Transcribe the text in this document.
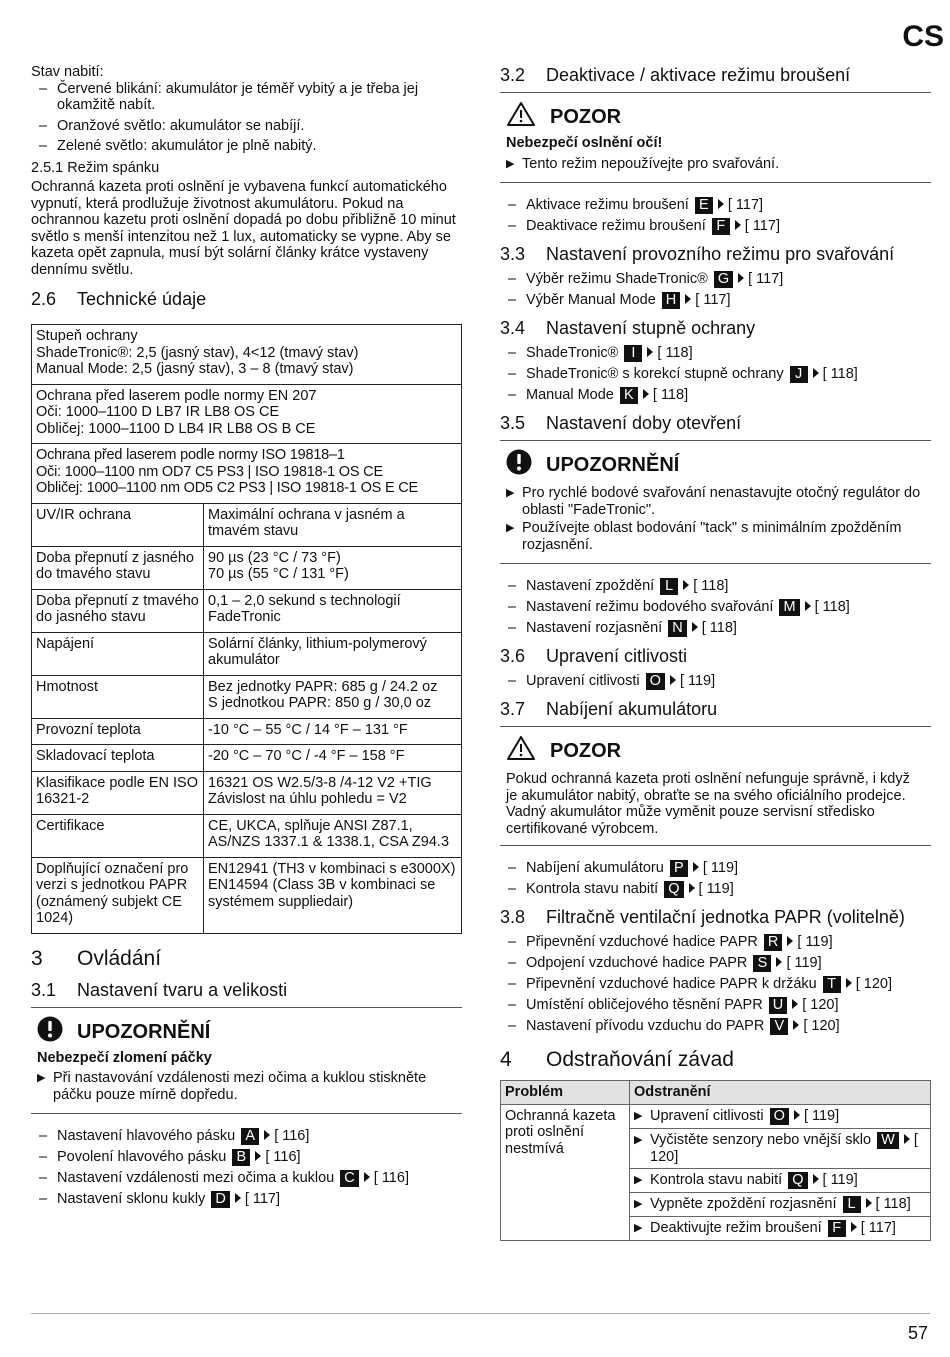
CS

Stav nabití:

– Červené blikání: akumulátor je téměř vybitý a je třeba jej okamžitě nabít.
– Oranžové světlo: akumulátor se nabíjí.
– Zelené světlo: akumulátor je plně nabitý.
2.5.1 Režim spánku

Ochranná kazeta proti oslnění je vybavena funkcí automatického vypnutí, která prodlužuje životnost akumulátoru. Pokud na ochrannou kazetu proti oslnění dopadá po dobu přibližně 10 minut světlo s menší intenzitou než 1 lux, automaticky se vypne. Aby se kazeta opět zapnula, musí být solární články krátce vystaveny dennímu světlu.

2.6 Technické údaje
Stupeň ochrany
ShadeTronic®: 2,5 (jasný stav), 4<12 (tmavý stav)
Manual Mode: 2,5 (jasný stav), 3 – 8 (tmavý stav)	

Ochrana před laserem podle normy EN 207
Oči: 1000–1100 D LB7 IR LB8 OS CE
Obličej: 1000–1100 D LB4 IR LB8 OS B CE	

Ochrana před laserem podle normy ISO 19818–1
Oči: 1000–1100 nm OD7 C5 PS3 | ISO 19818-1 OS CE
Obličej: 1000–1100 nm OD5 C2 PS3 | ISO 19818-1 OS E CE	

UV/IR ochrana	Maximální ochrana v jasném a tmavém stavu
Doba přepnutí z jasného do tmavého stavu	90 µs (23 °C / 73 °F)
70 µs (55 °C / 131 °F)

Doba přepnutí z tmavého do jasného stavu	0,1 – 2,0 sekund s technologií FadeTronic
Napájení	Solární články, lithium-polymerový akumulátor
Hmotnost	Bez jednotky PAPR: 685 g / 24.2 oz
S jednotkou PAPR: 850 g / 30,0 oz

Provozní teplota	-10 °C – 55 °C / 14 °F – 131 °F
Skladovací teplota	-20 °C – 70 °C / -4 °F – 158 °F
Klasifikace podle EN ISO 16321-2	16321 OS W2.5/3-8 /4-12 V2 +TIG
Závislost na úhlu pohledu = V2

Certifikace	CE, UKCA, splňuje ANSI Z87.1, AS/NZS 1337.1 & 1338.1, CSA Z94.3
Doplňující označení pro verzi s jednotkou PAPR (oznámený subjekt CE 1024)	EN12941 (TH3 v kombinaci s e3000X)
EN14594 (Class 3B v kombinaci se systémem suppliedair)
3 Ovládání
3.1 Nastavení tvaru a velikosti
UPOZORNĚNÍ
Nebezpečí zlomení páčky
▶ Při nastavování vzdálenosti mezi očima a kuklou stiskněte páčku pouze mírně dopředu.
– Nastavení hlavového pásku A [ 116]
– Povolení hlavového pásku B [ 116]
– Nastavení vzdálenosti mezi očima a kuklou C [ 116]
– Nastavení sklonu kukly D [ 117]
3.2 Deaktivace / aktivace režimu broušení
POZOR
Nebezpečí oslnění očí!
▶ Tento režim nepoužívejte pro svařování.
– Aktivace režimu broušení E [ 117]
– Deaktivace režimu broušení F [ 117]
3.3 Nastavení provozního režimu pro svařování
– Výběr režimu ShadeTronic® G [ 117]
– Výběr Manual Mode H [ 117]
3.4 Nastavení stupně ochrany
– ShadeTronic® I [ 118]
– ShadeTronic® s korekcí stupně ochrany J [ 118]
– Manual Mode K [ 118]
3.5 Nastavení doby otevření
UPOZORNĚNÍ
▶ Pro rychlé bodové svařování nenastavujte otočný regulátor do oblasti "FadeTronic".
▶ Používejte oblast bodování "tack" s minimálním zpožděním rozjasnění.
– Nastavení zpoždění L [ 118]
– Nastavení režimu bodového svařování M [ 118]
– Nastavení rozjasnění N [ 118]
3.6 Upravení citlivosti
– Upravení citlivosti O [ 119]
3.7 Nabíjení akumulátoru
POZOR

Pokud ochranná kazeta proti oslnění nefunguje správně, i když je akumulátor nabitý, obraťte se na svého oficiálního prodejce. Vadný akumulátor může vyměnit pouze servisní středisko certifikované výrobcem.

– Nabíjení akumulátoru P [ 119]
– Kontrola stavu nabití Q [ 119]
3.8 Filtračně ventilační jednotka PAPR (volitelně)
– Připevnění vzduchové hadice PAPR R [ 119]
– Odpojení vzduchové hadice PAPR S [ 119]
– Připevnění vzduchové hadice PAPR k držáku T [ 120]
– Umístění obličejového těsnění PAPR U [ 120]
– Nastavení přívodu vzduchu do PAPR V [ 120]
4 Odstraňování závad
Problém	Odstranění
Ochranná kazeta proti oslnění nestmívá	▶ Upravení citlivosti O [ 119]

	▶ Vyčistěte senzory nebo vnější sklo W [ 120]

	▶ Kontrola stavu nabití Q [ 119]

	▶ Vypněte zpoždění rozjasnění L [ 118]

	▶ Deaktivujte režim broušení F [ 117]
57
